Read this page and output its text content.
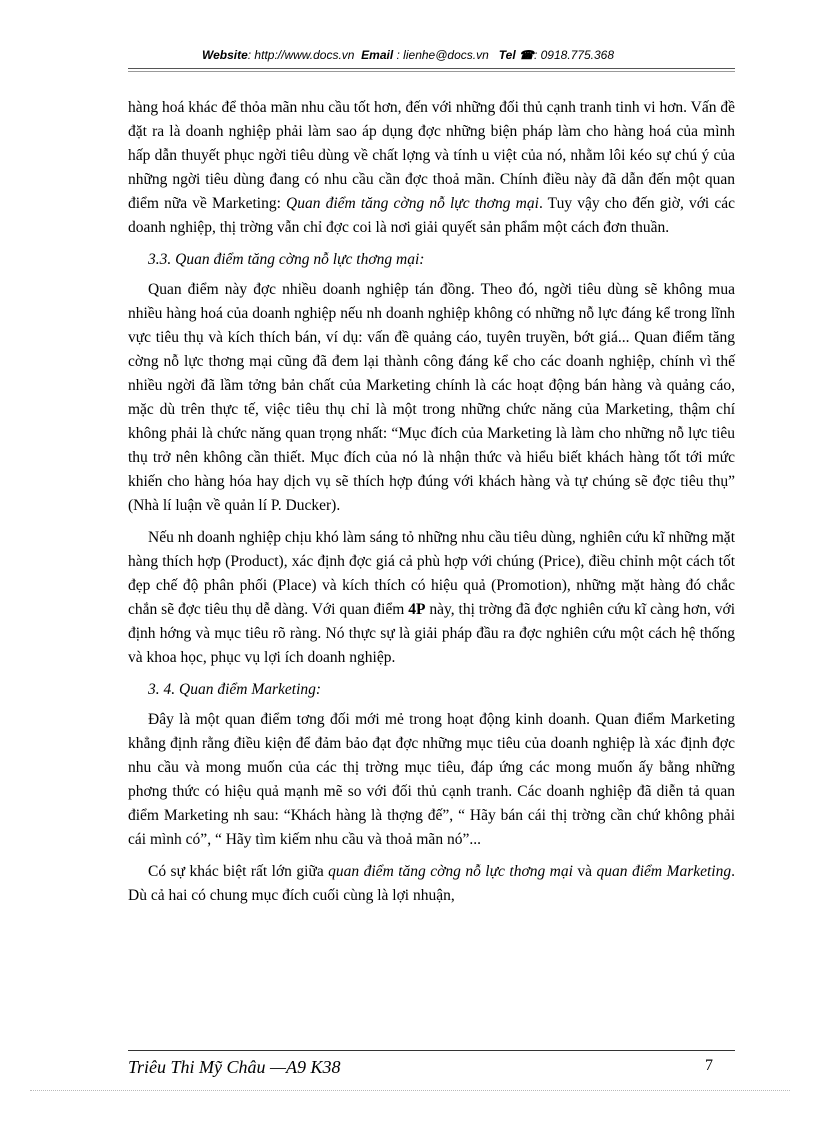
Website: http://www.docs.vn Email : lienhe@docs.vn Tel ☎: 0918.775.368

hàng hoá khác để thỏa mãn nhu cầu tốt hơn, đến với những đối thủ cạnh tranh tinh vi hơn. Vấn đề đặt ra là doanh nghiệp phải làm sao áp dụng đợc những biện pháp làm cho hàng hoá của mình hấp dẫn thuyết phục ngời tiêu dùng về chất lợng và tính u việt của nó, nhằm lôi kéo sự chú ý của những ngời tiêu dùng đang có nhu cầu cần đợc thoả mãn. Chính điều này đã dẫn đến một quan điểm nữa về Marketing: Quan điểm tăng cờng nỗ lực thơng mại. Tuy vậy cho đến giờ, với các doanh nghiệp, thị trờng vẫn chỉ đợc coi là nơi giải quyết sản phẩm một cách đơn thuần.

3.3. Quan điểm tăng cờng nỗ lực thơng mại:

Quan điểm này đợc nhiều doanh nghiệp tán đồng. Theo đó, ngời tiêu dùng sẽ không mua nhiều hàng hoá của doanh nghiệp nếu nh doanh nghiệp không có những nỗ lực đáng kể trong lĩnh vực tiêu thụ và kích thích bán, ví dụ: vấn đề quảng cáo, tuyên truyền, bớt giá... Quan điểm tăng cờng nỗ lực thơng mại cũng đã đem lại thành công đáng kể cho các doanh nghiệp, chính vì thế nhiều ngời đã lầm tởng bản chất của Marketing chính là các hoạt động bán hàng và quảng cáo, mặc dù trên thực tế, việc tiêu thụ chỉ là một trong những chức năng của Marketing, thậm chí không phải là chức năng quan trọng nhất: “Mục đích của Marketing là làm cho những nỗ lực tiêu thụ trở nên không cần thiết. Mục đích của nó là nhận thức và hiểu biết khách hàng tốt tới mức khiến cho hàng hóa hay dịch vụ sẽ thích hợp đúng với khách hàng và tự chúng sẽ đợc tiêu thụ” (Nhà lí luận về quản lí P. Ducker).

Nếu nh doanh nghiệp chịu khó làm sáng tỏ những nhu cầu tiêu dùng, nghiên cứu kĩ những mặt hàng thích hợp (Product), xác định đợc giá cả phù hợp với chúng (Price), điều chỉnh một cách tốt đẹp chế độ phân phối (Place) và kích thích có hiệu quả (Promotion), những mặt hàng đó chắc chắn sẽ đợc tiêu thụ dễ dàng. Với quan điểm 4P này, thị trờng đã đợc nghiên cứu kĩ càng hơn, với định hớng và mục tiêu rõ ràng. Nó thực sự là giải pháp đầu ra đợc nghiên cứu một cách hệ thống và khoa học, phục vụ lợi ích doanh nghiệp.

3. 4. Quan điểm Marketing:

Đây là một quan điểm tơng đối mới mẻ trong hoạt động kinh doanh. Quan điểm Marketing khẳng định rằng điều kiện để đảm bảo đạt đợc những mục tiêu của doanh nghiệp là xác định đợc nhu cầu và mong muốn của các thị trờng mục tiêu, đáp ứng các mong muốn ấy bằng những phơng thức có hiệu quả mạnh mẽ so với đối thủ cạnh tranh. Các doanh nghiệp đã diễn tả quan điểm Marketing nh sau: “Khách hàng là thợng đế”, “ Hãy bán cái thị trờng cần chứ không phải cái mình có”, “ Hãy tìm kiếm nhu cầu và thoả mãn nó”...

Có sự khác biệt rất lớn giữa quan điểm tăng cờng nỗ lực thơng mại và quan điểm Marketing. Dù cả hai có chung mục đích cuối cùng là lợi nhuận,

Triêu Thi Mỹ Châu —A9 K38	7
